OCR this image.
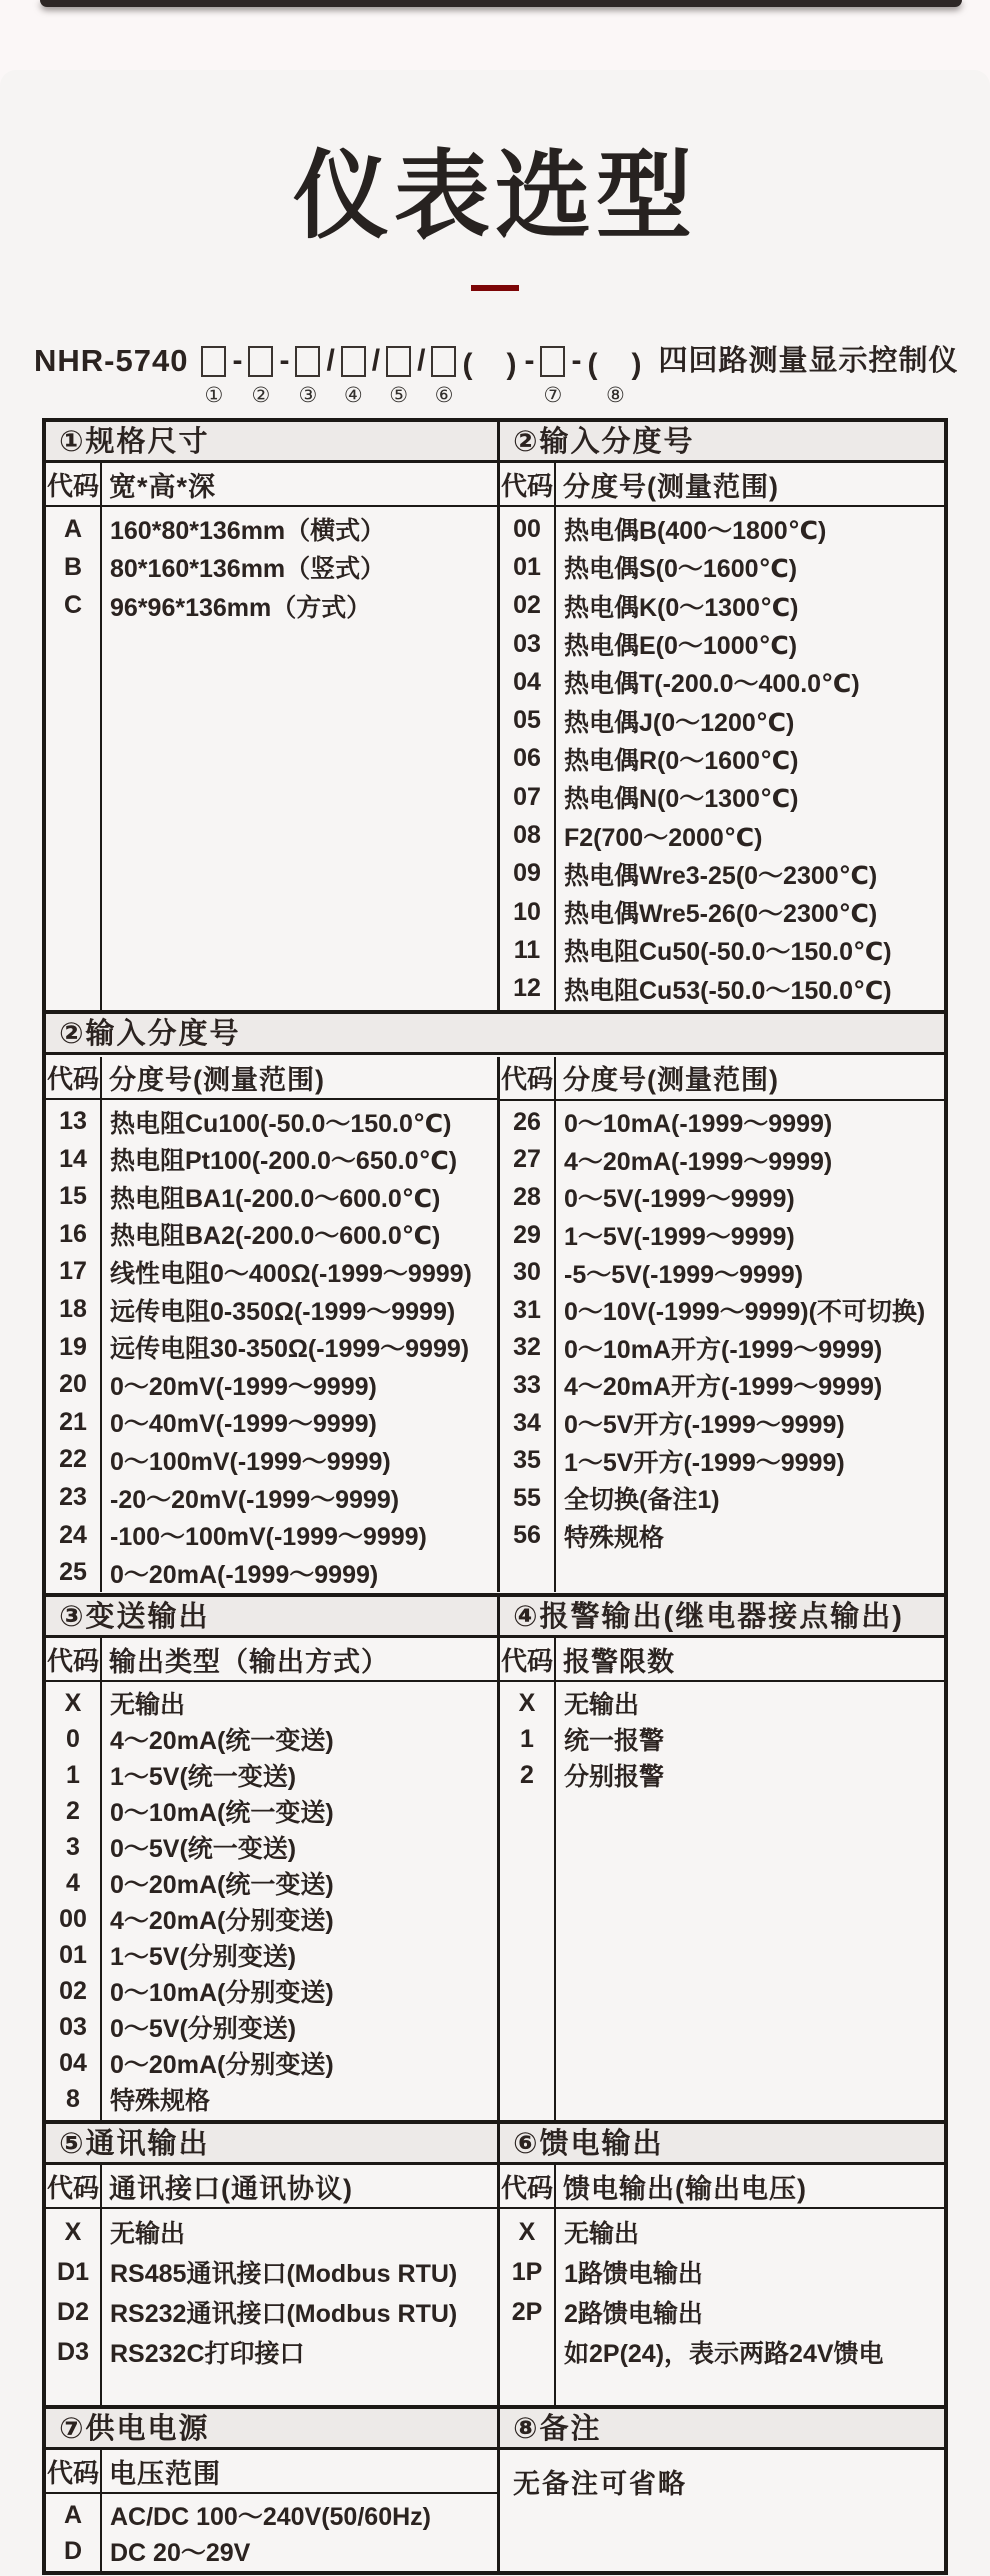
仪表选型
NHR-5740
①
-

②
-

③
/

④
/

⑤
/

⑥
(　)
-

⑦
-
(　)
⑧
四回路测量显示控制仪
①规格尺寸
代码 宽*高*深
A	160*80*136mm（横式）
B	80*160*136mm（竖式）
C	96*96*136mm（方式）
②输入分度号
代码 分度号(测量范围)
00 热电偶B(400～1800℃)
01 热电偶S(0～1600℃)
02 热电偶K(0～1300℃)
03 热电偶E(0～1000℃)
04 热电偶T(-200.0～400.0℃)
05 热电偶J(0～1200℃)
06 热电偶R(0～1600℃)
07 热电偶N(0～1300℃)
08 F2(700～2000℃)
09 热电偶Wre3-25(0～2300℃)
10 热电偶Wre5-26(0～2300℃)
11 热电阻Cu50(-50.0～150.0℃)
12 热电阻Cu53(-50.0～150.0℃)
②输入分度号
代码 分度号(测量范围)
13 热电阻Cu100(-50.0～150.0℃)
14 热电阻Pt100(-200.0～650.0℃)
15 热电阻BA1(-200.0～600.0℃)
16 热电阻BA2(-200.0～600.0℃)
17 线性电阻0～400Ω(-1999～9999)
18 远传电阻0-350Ω(-1999～9999)
19 远传电阻30-350Ω(-1999～9999)
20 0～20mV(-1999～9999)
21 0～40mV(-1999～9999)
22 0～100mV(-1999～9999)
23 -20～20mV(-1999～9999)
24 -100～100mV(-1999～9999)
25 0～20mA(-1999～9999)
代码 分度号(测量范围)
26 0～10mA(-1999～9999)
27 4～20mA(-1999～9999)
28 0～5V(-1999～9999)
29 1～5V(-1999～9999)
30 -5～5V(-1999～9999)
31 0～10V(-1999～9999)(不可切换)
32 0～10mA开方(-1999～9999)
33 4～20mA开方(-1999～9999)
34 0～5V开方(-1999～9999)
35 1～5V开方(-1999～9999)
55 全切换(备注1)
56 特殊规格
③变送输出
代码 输出类型（输出方式）
X	无输出
0	4～20mA(统一变送)
1	1～5V(统一变送)
2	0～10mA(统一变送)
3	0～5V(统一变送)
4	0～20mA(统一变送)
00 4～20mA(分别变送)
01 1～5V(分别变送)
02 0～10mA(分别变送)
03 0～5V(分别变送)
04 0～20mA(分别变送)
8	特殊规格
④报警输出(继电器接点输出)
代码 报警限数
X	无输出
1	统一报警
2	分别报警
⑤通讯输出
代码 通讯接口(通讯协议)
X	无输出
D1 RS485通讯接口(Modbus RTU)
D2 RS232通讯接口(Modbus RTU)
D3 RS232C打印接口
⑥馈电输出
代码 馈电输出(输出电压)
X	无输出
1P 1路馈电输出
2P 2路馈电输出
如2P(24)，表示两路24V馈电
⑦供电电源
代码 电压范围
A	AC/DC 100～240V(50/60Hz)
D	DC 20～29V
⑧备注
无备注可省略
